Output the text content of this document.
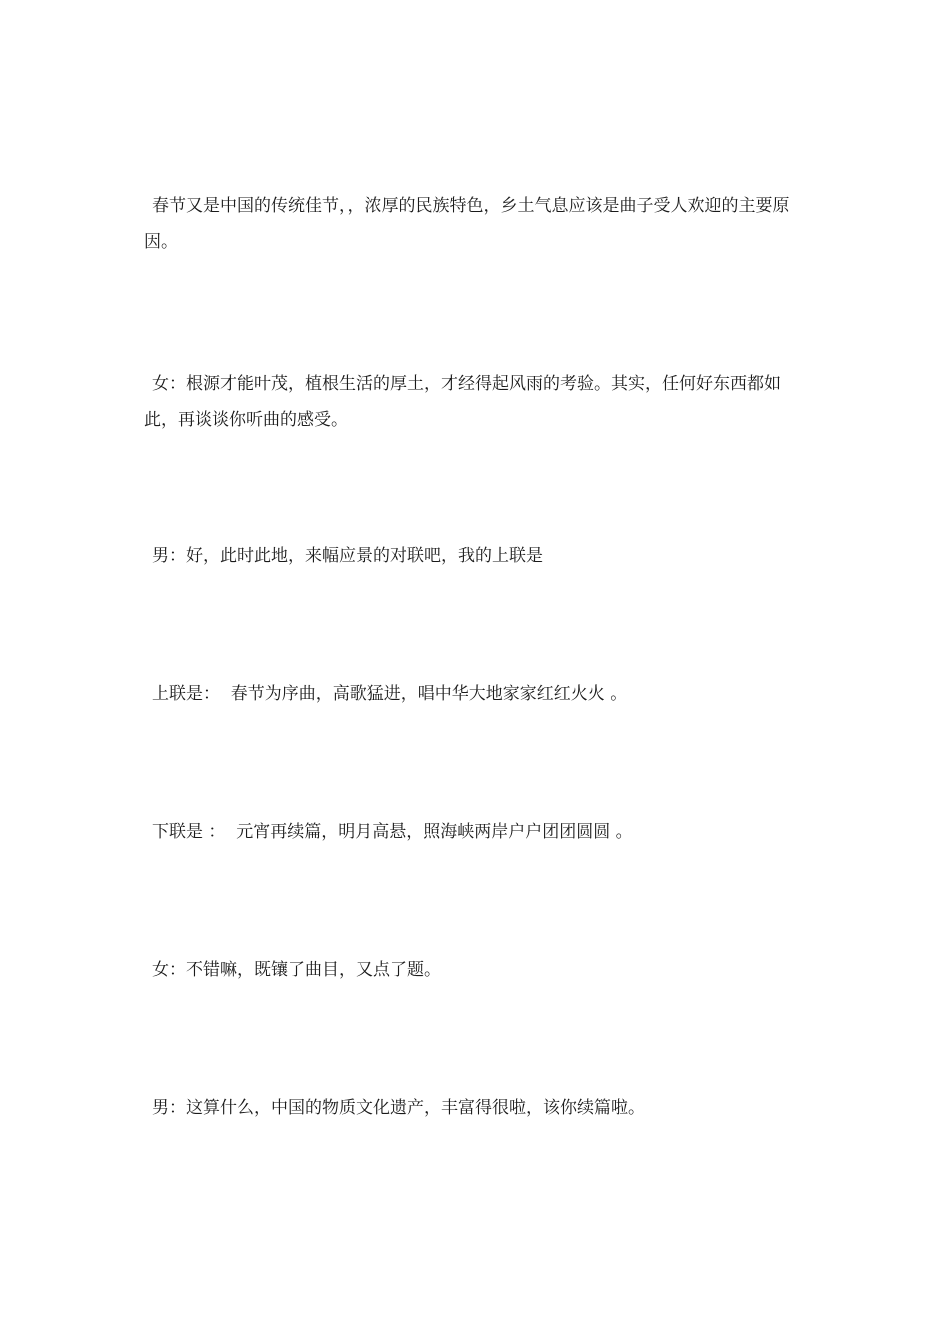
春节又是中国的传统佳节，，浓厚的民族特色，乡土气息应该是曲子受人欢迎的主要原因。

女：根源才能叶茂，植根生活的厚土，才经得起风雨的考验。其实，任何好东西都如此，再谈谈你听曲的感受。

男：好，此时此地，来幅应景的对联吧，我的上联是

上联是：  春节为序曲，高歌猛进，唱中华大地家家红红火火 。

下联是 ：  元宵再续篇，明月高悬，照海峡两岸户户团团圆圆 。

女：不错嘛，既镶了曲目，又点了题。

男：这算什么，中国的物质文化遗产，丰富得很啦，该你续篇啦。
